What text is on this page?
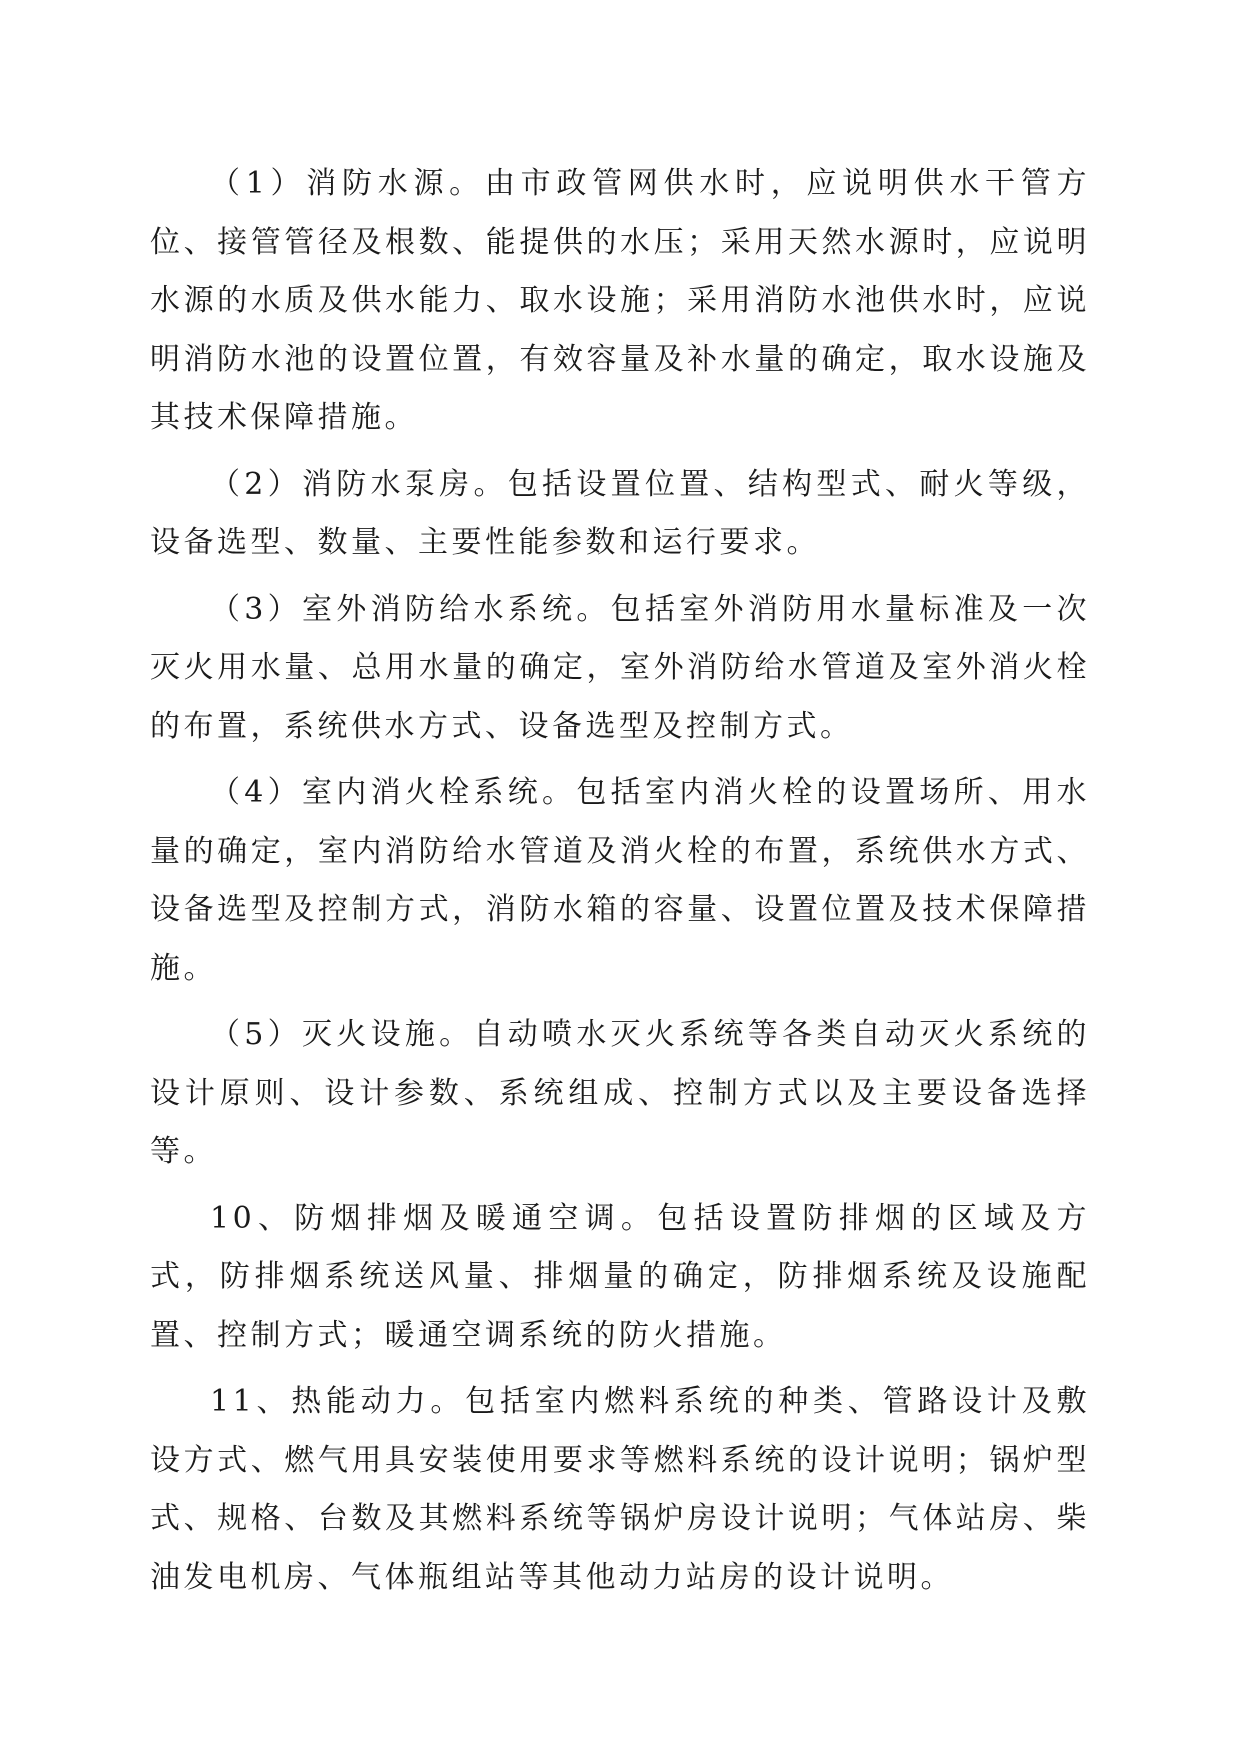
（1）消防水源。由市政管网供水时，应说明供水干管方位、接管管径及根数、能提供的水压；采用天然水源时，应说明水源的水质及供水能力、取水设施；采用消防水池供水时，应说明消防水池的设置位置，有效容量及补水量的确定，取水设施及其技术保障措施。

（2）消防水泵房。包括设置位置、结构型式、耐火等级，设备选型、数量、主要性能参数和运行要求。

（3）室外消防给水系统。包括室外消防用水量标准及一次灭火用水量、总用水量的确定，室外消防给水管道及室外消火栓的布置，系统供水方式、设备选型及控制方式。

（4）室内消火栓系统。包括室内消火栓的设置场所、用水量的确定，室内消防给水管道及消火栓的布置，系统供水方式、设备选型及控制方式，消防水箱的容量、设置位置及技术保障措施。

（5）灭火设施。自动喷水灭火系统等各类自动灭火系统的设计原则、设计参数、系统组成、控制方式以及主要设备选择等。

10、防烟排烟及暖通空调。包括设置防排烟的区域及方式，防排烟系统送风量、排烟量的确定，防排烟系统及设施配置、控制方式；暖通空调系统的防火措施。

11、热能动力。包括室内燃料系统的种类、管路设计及敷设方式、燃气用具安装使用要求等燃料系统的设计说明；锅炉型式、规格、台数及其燃料系统等锅炉房设计说明；气体站房、柴油发电机房、气体瓶组站等其他动力站房的设计说明。
